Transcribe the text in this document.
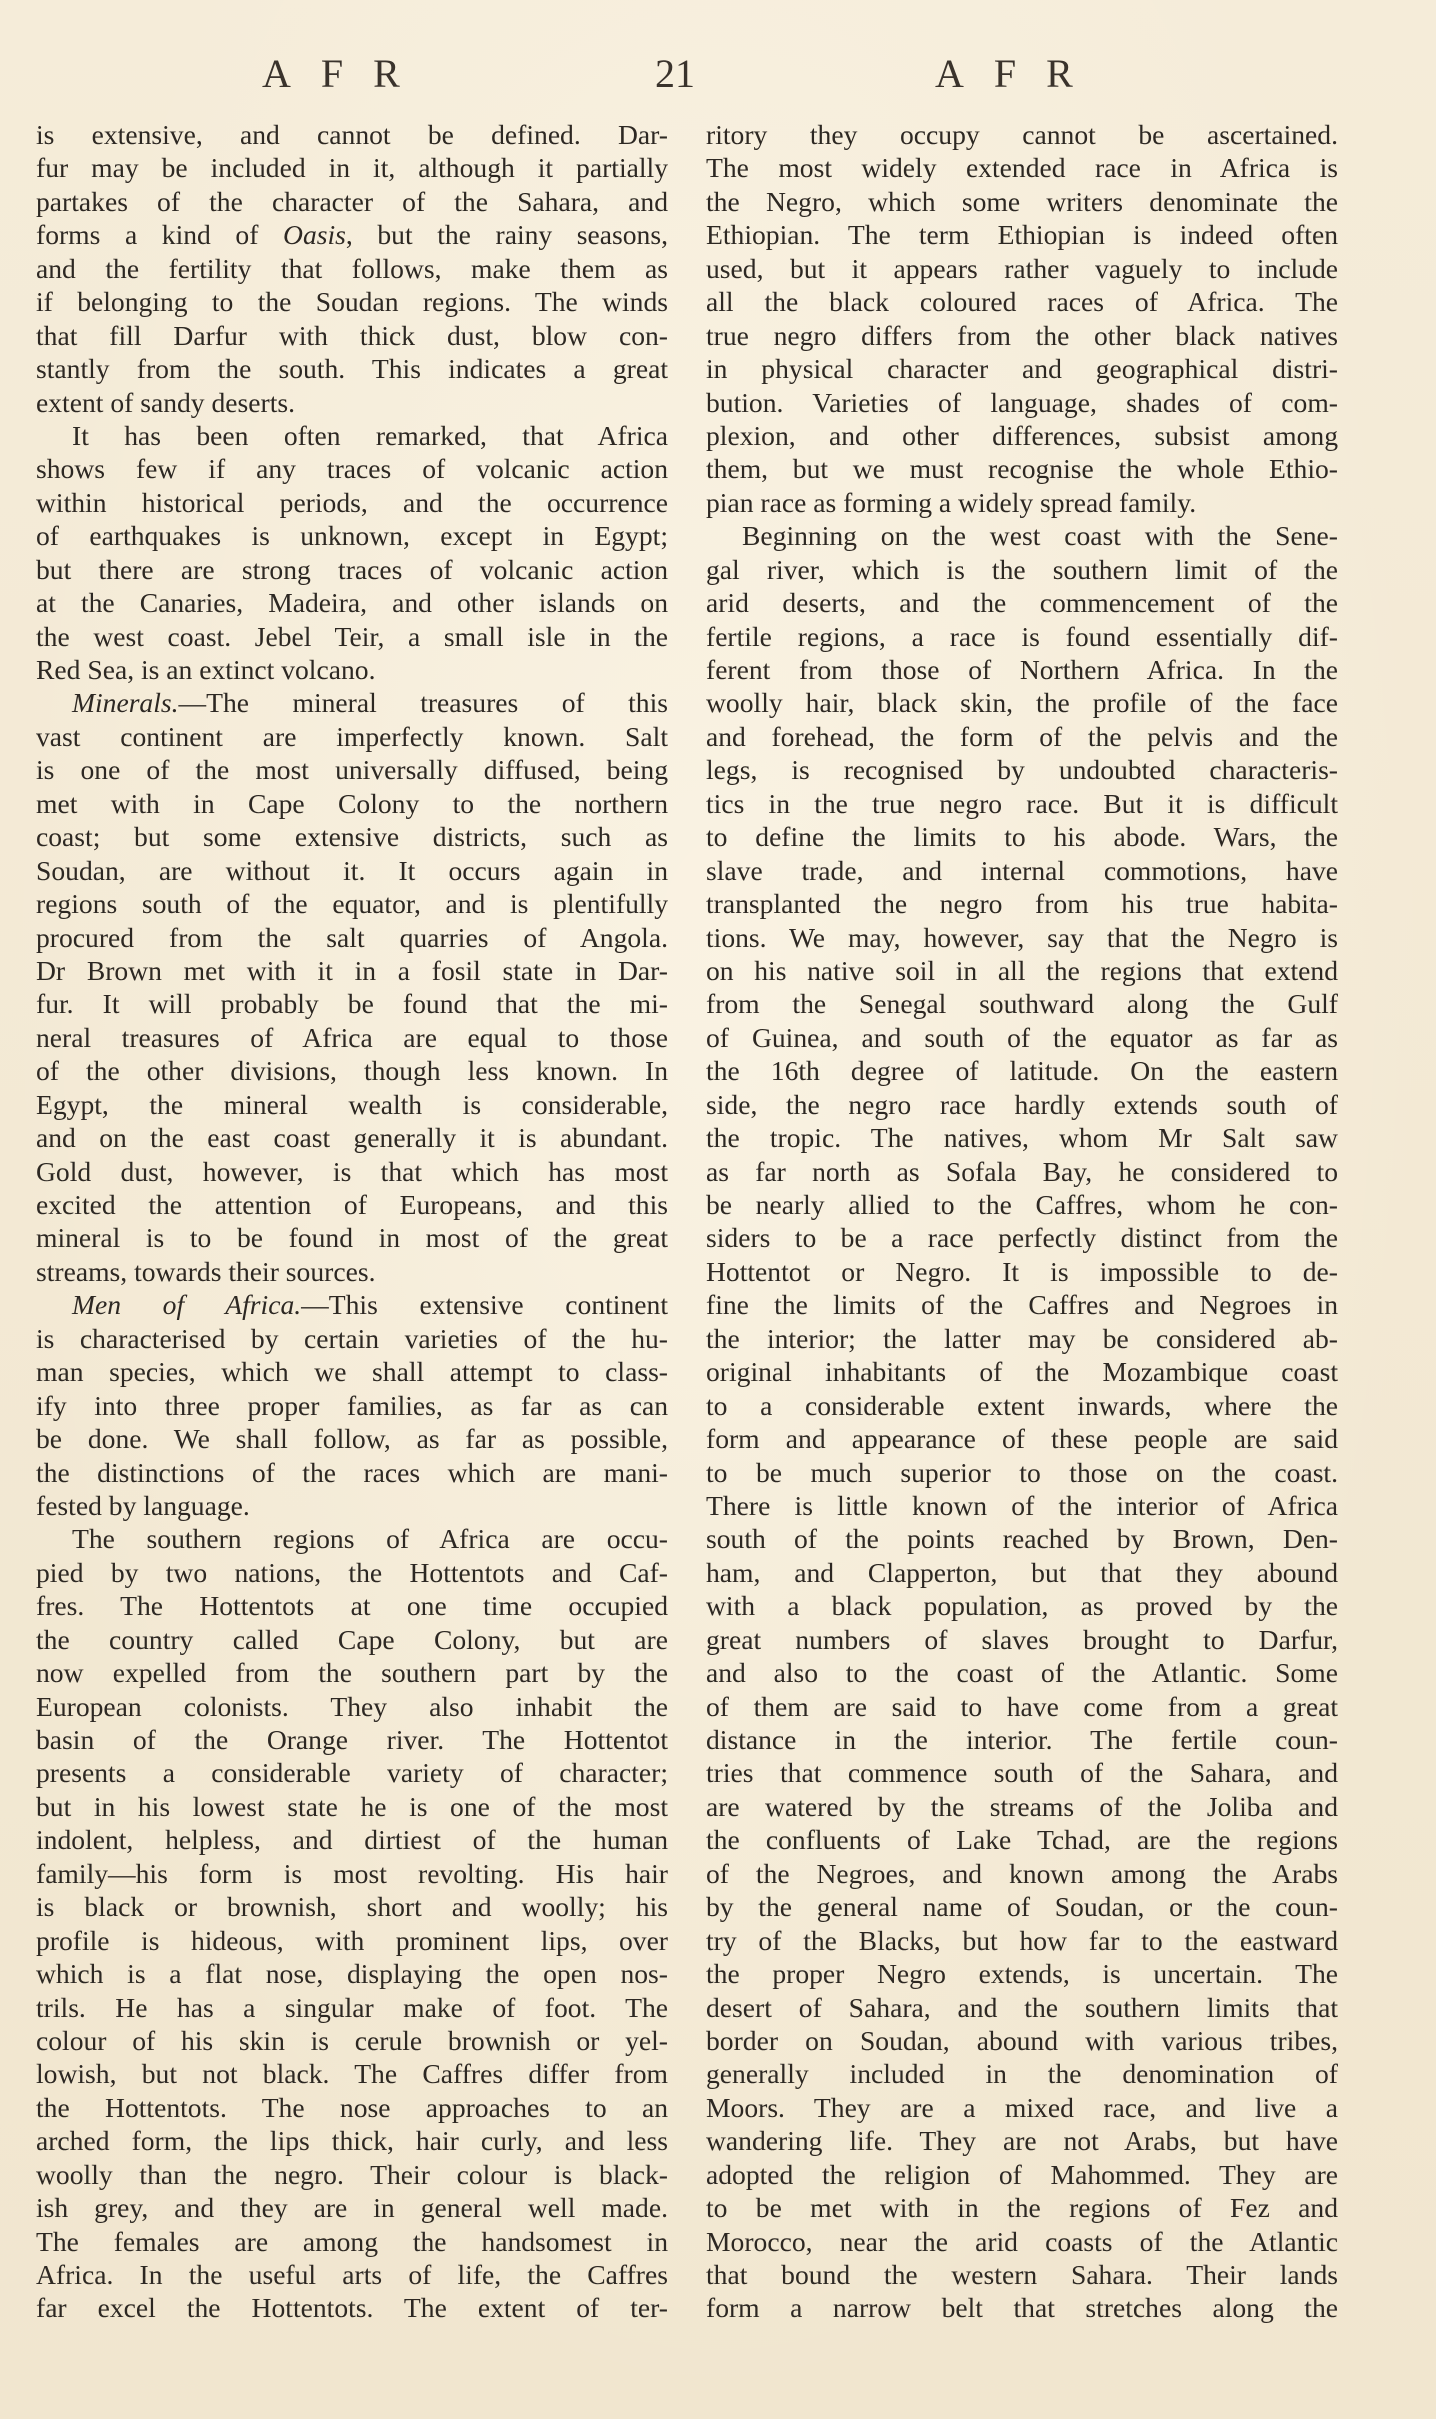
AFR	21	AFR
is extensive, and cannot be defined. Dar-
fur may be included in it, although it partially
partakes of the character of the Sahara, and
forms a kind of Oasis, but the rainy seasons,
and the fertility that follows, make them as
if belonging to the Soudan regions. The winds
that fill Darfur with thick dust, blow con-
stantly from the south. This indicates a great
extent of sandy deserts.
It has been often remarked, that Africa
shows few if any traces of volcanic action
within historical periods, and the occurrence
of earthquakes is unknown, except in Egypt;
but there are strong traces of volcanic action
at the Canaries, Madeira, and other islands on
the west coast. Jebel Teir, a small isle in the
Red Sea, is an extinct volcano.
Minerals.—The mineral treasures of this
vast continent are imperfectly known. Salt
is one of the most universally diffused, being
met with in Cape Colony to the northern
coast; but some extensive districts, such as
Soudan, are without it. It occurs again in
regions south of the equator, and is plentifully
procured from the salt quarries of Angola.
Dr Brown met with it in a fosil state in Dar-
fur. It will probably be found that the mi-
neral treasures of Africa are equal to those
of the other divisions, though less known. In
Egypt, the mineral wealth is considerable,
and on the east coast generally it is abundant.
Gold dust, however, is that which has most
excited the attention of Europeans, and this
mineral is to be found in most of the great
streams, towards their sources.
Men of Africa.—This extensive continent
is characterised by certain varieties of the hu-
man species, which we shall attempt to class-
ify into three proper families, as far as can
be done. We shall follow, as far as possible,
the distinctions of the races which are mani-
fested by language.
The southern regions of Africa are occu-
pied by two nations, the Hottentots and Caf-
fres. The Hottentots at one time occupied
the country called Cape Colony, but are
now expelled from the southern part by the
European colonists. They also inhabit the
basin of the Orange river. The Hottentot
presents a considerable variety of character;
but in his lowest state he is one of the most
indolent, helpless, and dirtiest of the human
family—his form is most revolting. His hair
is black or brownish, short and woolly; his
profile is hideous, with prominent lips, over
which is a flat nose, displaying the open nos-
trils. He has a singular make of foot. The
colour of his skin is cerule brownish or yel-
lowish, but not black. The Caffres differ from
the Hottentots. The nose approaches to an
arched form, the lips thick, hair curly, and less
woolly than the negro. Their colour is black-
ish grey, and they are in general well made.
The females are among the handsomest in
Africa. In the useful arts of life, the Caffres
far excel the Hottentots. The extent of ter-
ritory they occupy cannot be ascertained.
The most widely extended race in Africa is
the Negro, which some writers denominate the
Ethiopian. The term Ethiopian is indeed often
used, but it appears rather vaguely to include
all the black coloured races of Africa. The
true negro differs from the other black natives
in physical character and geographical distri-
bution. Varieties of language, shades of com-
plexion, and other differences, subsist among
them, but we must recognise the whole Ethio-
pian race as forming a widely spread family.
Beginning on the west coast with the Sene-
gal river, which is the southern limit of the
arid deserts, and the commencement of the
fertile regions, a race is found essentially dif-
ferent from those of Northern Africa. In the
woolly hair, black skin, the profile of the face
and forehead, the form of the pelvis and the
legs, is recognised by undoubted characteris-
tics in the true negro race. But it is difficult
to define the limits to his abode. Wars, the
slave trade, and internal commotions, have
transplanted the negro from his true habita-
tions. We may, however, say that the Negro is
on his native soil in all the regions that extend
from the Senegal southward along the Gulf
of Guinea, and south of the equator as far as
the 16th degree of latitude. On the eastern
side, the negro race hardly extends south of
the tropic. The natives, whom Mr Salt saw
as far north as Sofala Bay, he considered to
be nearly allied to the Caffres, whom he con-
siders to be a race perfectly distinct from the
Hottentot or Negro. It is impossible to de-
fine the limits of the Caffres and Negroes in
the interior; the latter may be considered ab-
original inhabitants of the Mozambique coast
to a considerable extent inwards, where the
form and appearance of these people are said
to be much superior to those on the coast.
There is little known of the interior of Africa
south of the points reached by Brown, Den-
ham, and Clapperton, but that they abound
with a black population, as proved by the
great numbers of slaves brought to Darfur,
and also to the coast of the Atlantic. Some
of them are said to have come from a great
distance in the interior. The fertile coun-
tries that commence south of the Sahara, and
are watered by the streams of the Joliba and
the confluents of Lake Tchad, are the regions
of the Negroes, and known among the Arabs
by the general name of Soudan, or the coun-
try of the Blacks, but how far to the eastward
the proper Negro extends, is uncertain. The
desert of Sahara, and the southern limits that
border on Soudan, abound with various tribes,
generally included in the denomination of
Moors. They are a mixed race, and live a
wandering life. They are not Arabs, but have
adopted the religion of Mahommed. They are
to be met with in the regions of Fez and
Morocco, near the arid coasts of the Atlantic
that bound the western Sahara. Their lands
form a narrow belt that stretches along the
